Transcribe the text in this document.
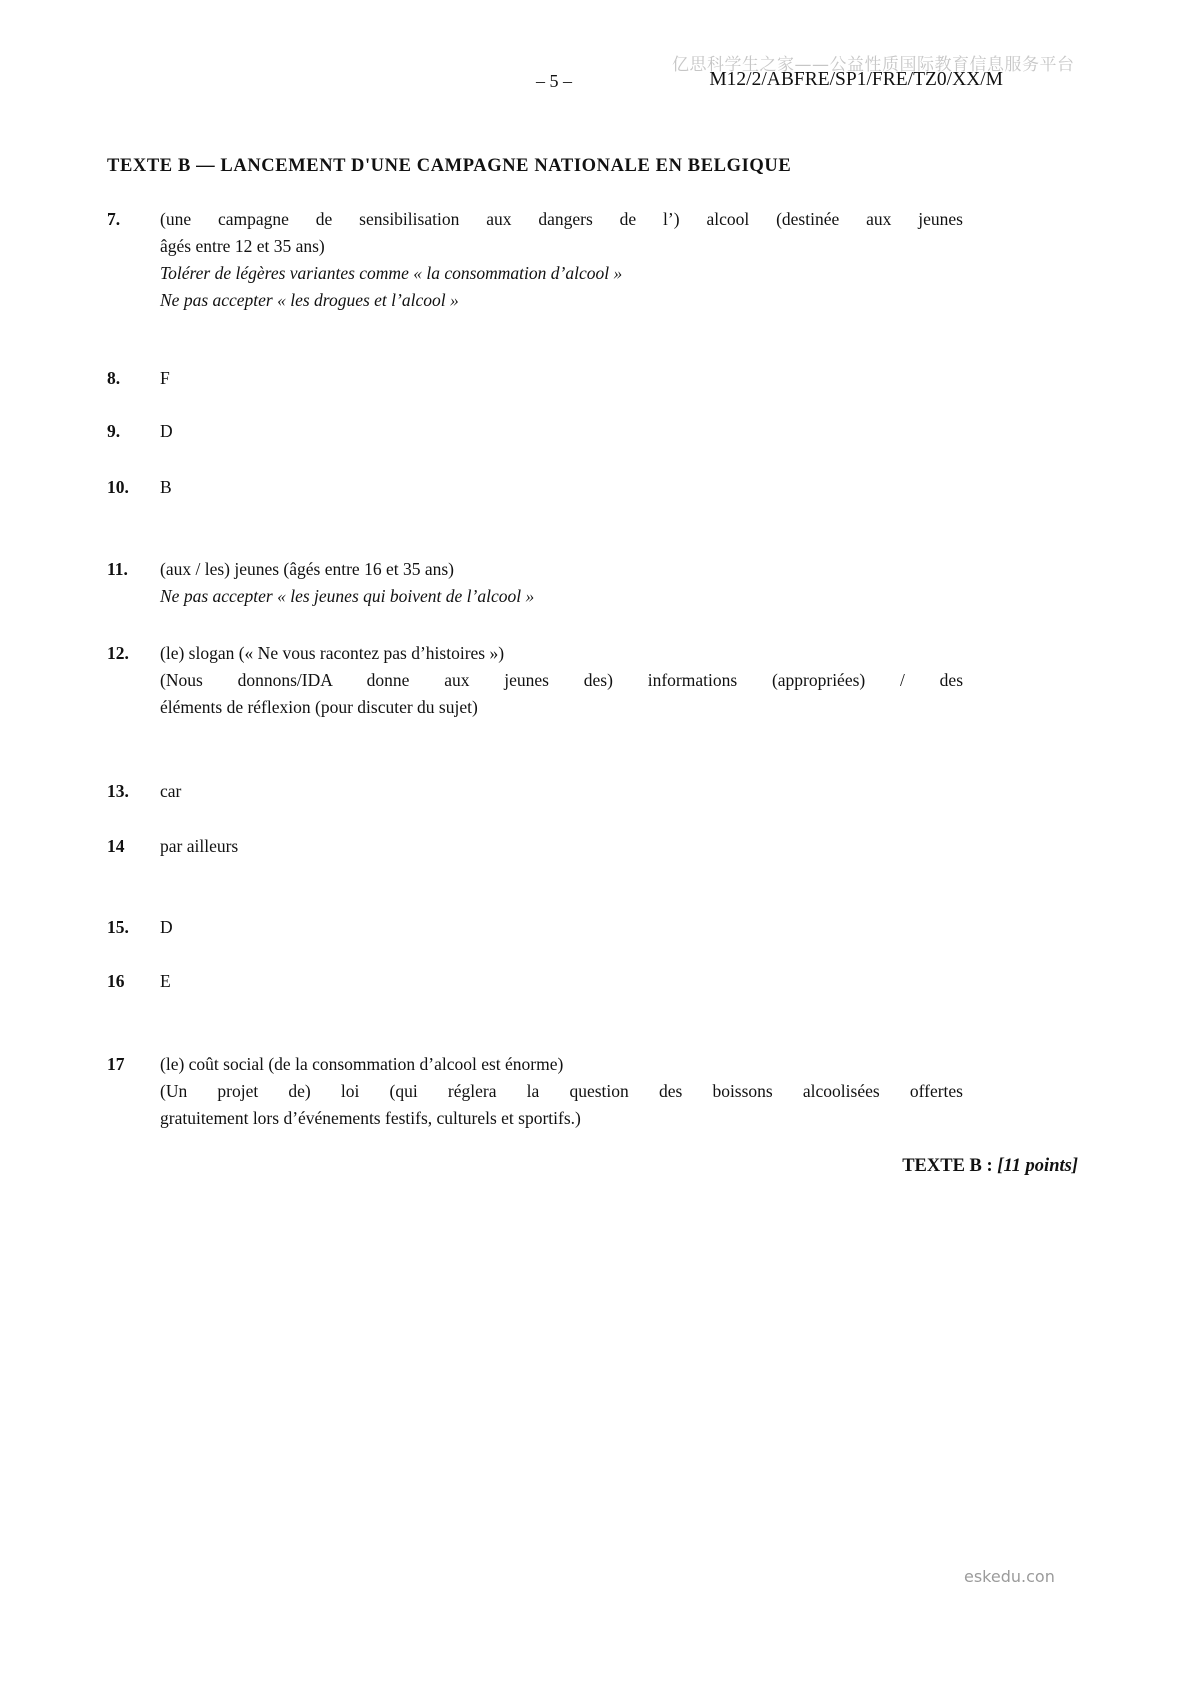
亿思科学生之家——公益性质国际教育信息服务平台
– 5 –	M12/2/ABFRE/SP1/FRE/TZ0/XX/M
TEXTE B — LANCEMENT D'UNE CAMPAGNE NATIONALE EN BELGIQUE
7.	(une campagne de sensibilisation aux dangers de l’) alcool (destinée aux jeunes

âgés entre 12 et 35 ans)

Tolérer de légères variantes comme « la consommation d’alcool »

Ne pas accepter « les drogues et l’alcool »

8.	F

9.	D

10.	B

11.	(aux / les) jeunes (âgés entre 16 et 35 ans)

Ne pas accepter « les jeunes qui boivent de l’alcool »

12.	(le) slogan (« Ne vous racontez pas d’histoires »)

(Nous donnons/IDA donne aux jeunes des) informations (appropriées) / des

éléments de réflexion (pour discuter du sujet)

13.	car

14	par ailleurs

15.	D

16	E

17	(le) coût social (de la consommation d’alcool est énorme)

(Un projet de) loi (qui réglera la question des boissons alcoolisées offertes

gratuitement lors d’événements festifs, culturels et sportifs.)

TEXTE B : [11 points]
eskedu.con
